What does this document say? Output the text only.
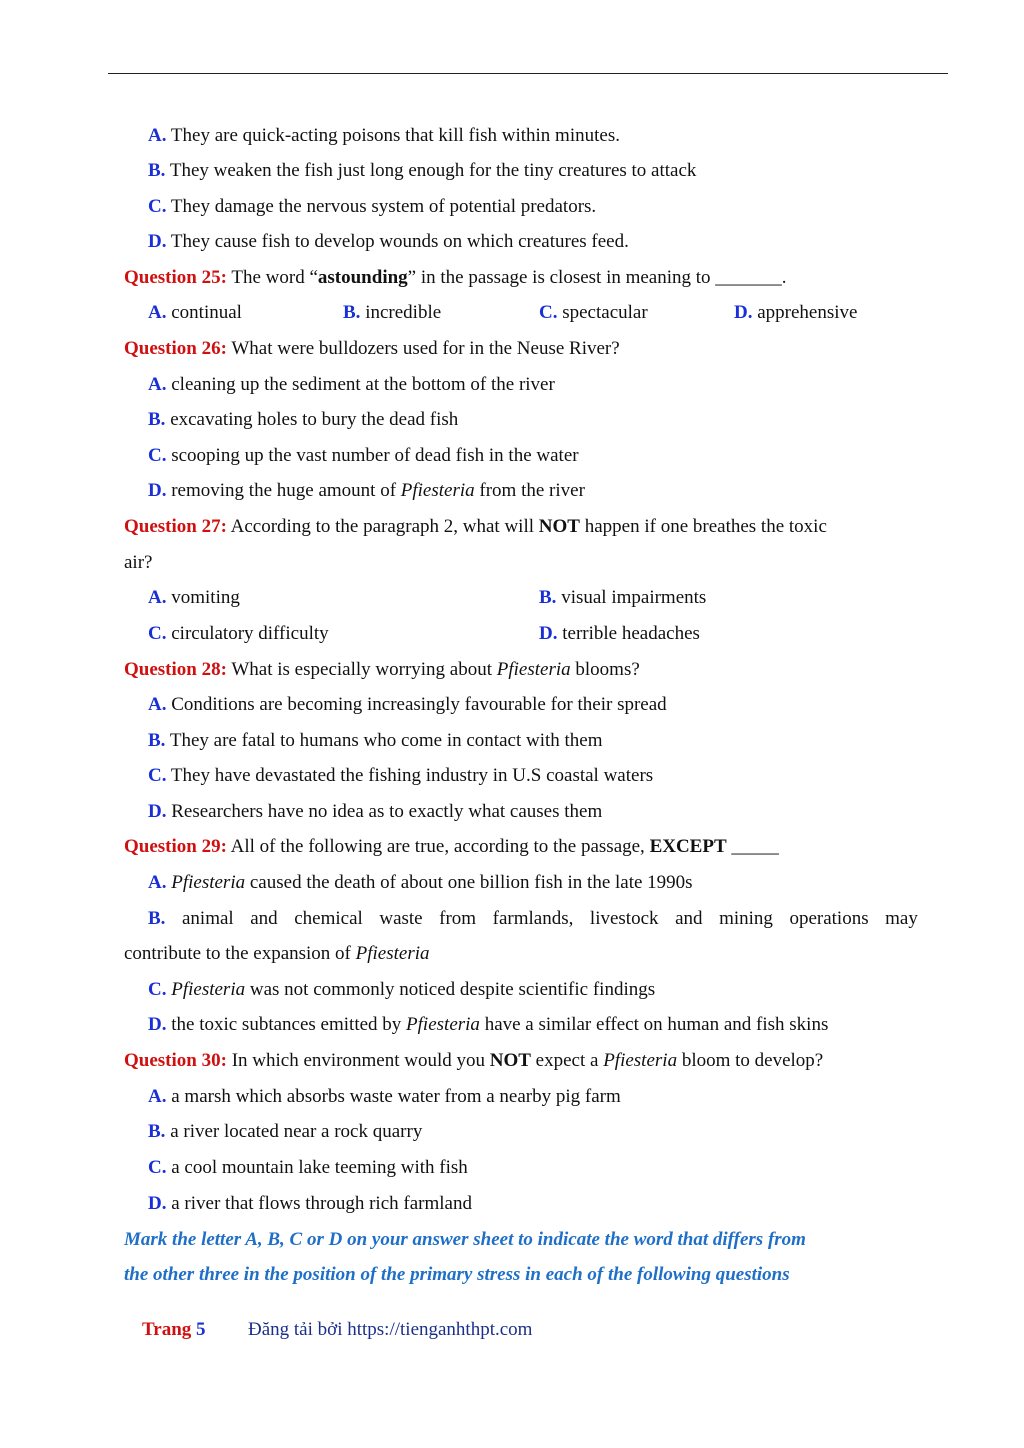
A. They are quick-acting poisons that kill fish within minutes.
B. They weaken the fish just long enough for the tiny creatures to attack
C. They damage the nervous system of potential predators.
D. They cause fish to develop wounds on which creatures feed.
Question 25: The word “astounding” in the passage is closest in meaning to _______.
A. continual	B. incredible	C. spectacular	D. apprehensive
Question 26: What were bulldozers used for in the Neuse River?
A. cleaning up the sediment at the bottom of the river
B. excavating holes to bury the dead fish
C. scooping up the vast number of dead fish in the water
D. removing the huge amount of Pfiesteria from the river
Question 27: According to the paragraph 2, what will NOT happen if one breathes the toxic
air?
A. vomiting	B. visual impairments
C. circulatory difficulty	D. terrible headaches
Question 28: What is especially worrying about Pfiesteria blooms?
A. Conditions are becoming increasingly favourable for their spread
B. They are fatal to humans who come in contact with them
C. They have devastated the fishing industry in U.S coastal waters
D. Researchers have no idea as to exactly what causes them
Question 29: All of the following are true, according to the passage, EXCEPT _____
A. Pfiesteria caused the death of about one billion fish in the late 1990s
B. animal and chemical waste from farmlands, livestock and mining operations may
contribute to the expansion of Pfiesteria
C. Pfiesteria was not commonly noticed despite scientific findings
D. the toxic subtances emitted by Pfiesteria have a similar effect on human and fish skins
Question 30: In which environment would you NOT expect a Pfiesteria bloom to develop?
A. a marsh which absorbs waste water from a nearby pig farm
B. a river located near a rock quarry
C. a cool mountain lake teeming with fish
D. a river that flows through rich farmland
Mark the letter A, B, C or D on your answer sheet to indicate the word that differs from
the other three in the position of the primary stress in each of the following questions
Trang 5 Đăng tải bởi https://tienganhthpt.com
